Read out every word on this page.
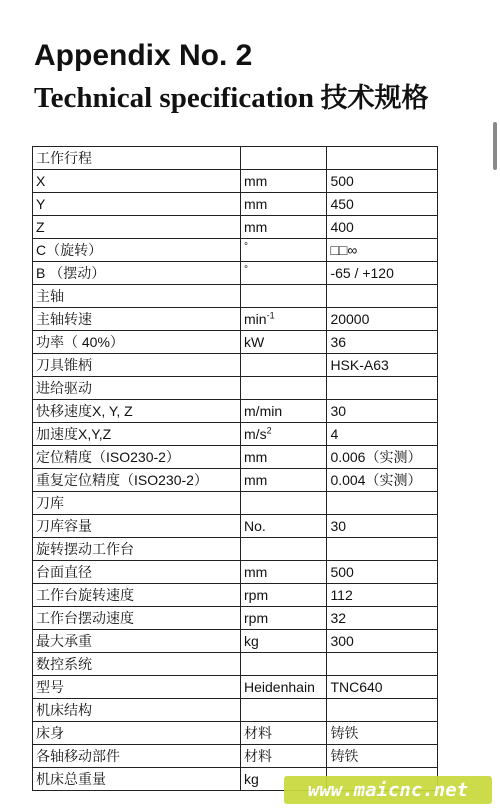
Appendix No. 2
Technical specification 技术规格
工作行程		
X	mm	500
Y	mm	450
Z	mm	400
C（旋转）	°	□□∞
B （摆动）	°	-65 / +120
主轴		
主轴转速	$\min^{-1}$	20000
功率（ 40%）	kW	36
刀具锥柄		HSK-A63
进给驱动		
快移速度X, Y, Z	m/min	30
加速度X,Y,Z	$m/s^2$	4
定位精度（ISO230-2）	mm	0.006（实测）
重复定位精度（ISO230-2）	mm	0.004（实测）
刀库		
刀库容量	No.	30
旋转摆动工作台		
台面直径	mm	500
工作台旋转速度	rpm	112
工作台摆动速度	rpm	32
最大承重	kg	300
数控系统		
型号	Heidenhain	TNC640
机床结构		
床身	材料	铸铁
各轴移动部件	材料	铸铁
机床总重量	kg		www.maicnc.net
